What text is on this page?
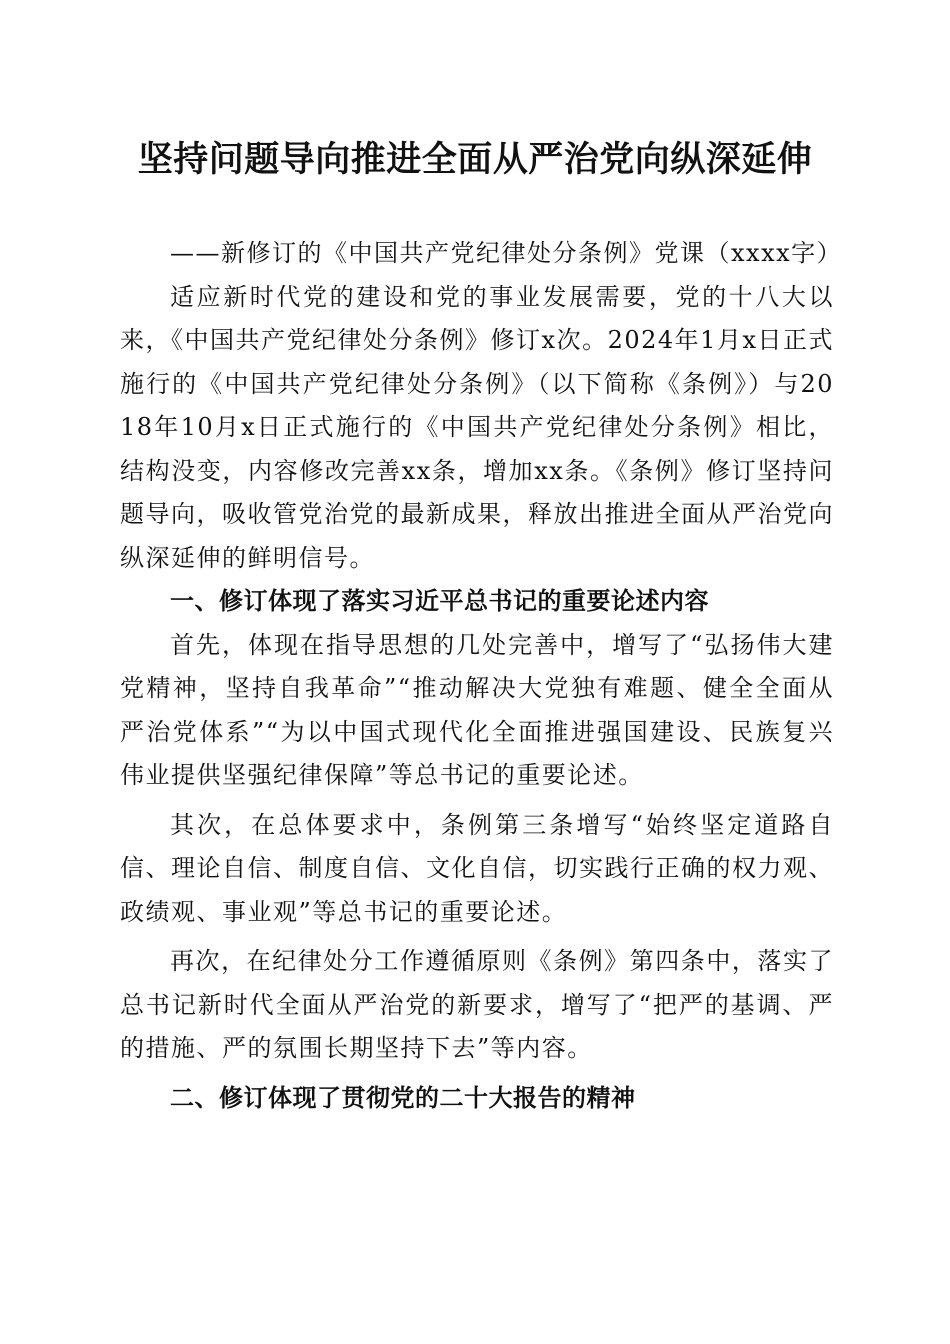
坚持问题导向推进全面从严治党向纵深延伸

——新修订的《中国共产党纪律处分条例》党课（xxxx字）

适应新时代党的建设和党的事业发展需要，党的十八大以来，《中国共产党纪律处分条例》修订x次。2024年1月x日正式施行的《中国共产党纪律处分条例》（以下简称《条例》）与2018年10月x日正式施行的《中国共产党纪律处分条例》相比，结构没变，内容修改完善xx条，增加xx条。《条例》修订坚持问题导向，吸收管党治党的最新成果，释放出推进全面从严治党向纵深延伸的鲜明信号。

一、修订体现了落实习近平总书记的重要论述内容

首先，体现在指导思想的几处完善中，增写了“弘扬伟大建党精神，坚持自我革命”“推动解决大党独有难题、健全全面从严治党体系”“为以中国式现代化全面推进强国建设、民族复兴伟业提供坚强纪律保障”等总书记的重要论述。

其次，在总体要求中，条例第三条增写“始终坚定道路自信、理论自信、制度自信、文化自信，切实践行正确的权力观、政绩观、事业观”等总书记的重要论述。

再次，在纪律处分工作遵循原则《条例》第四条中，落实了总书记新时代全面从严治党的新要求，增写了“把严的基调、严的措施、严的氛围长期坚持下去”等内容。

二、修订体现了贯彻党的二十大报告的精神
